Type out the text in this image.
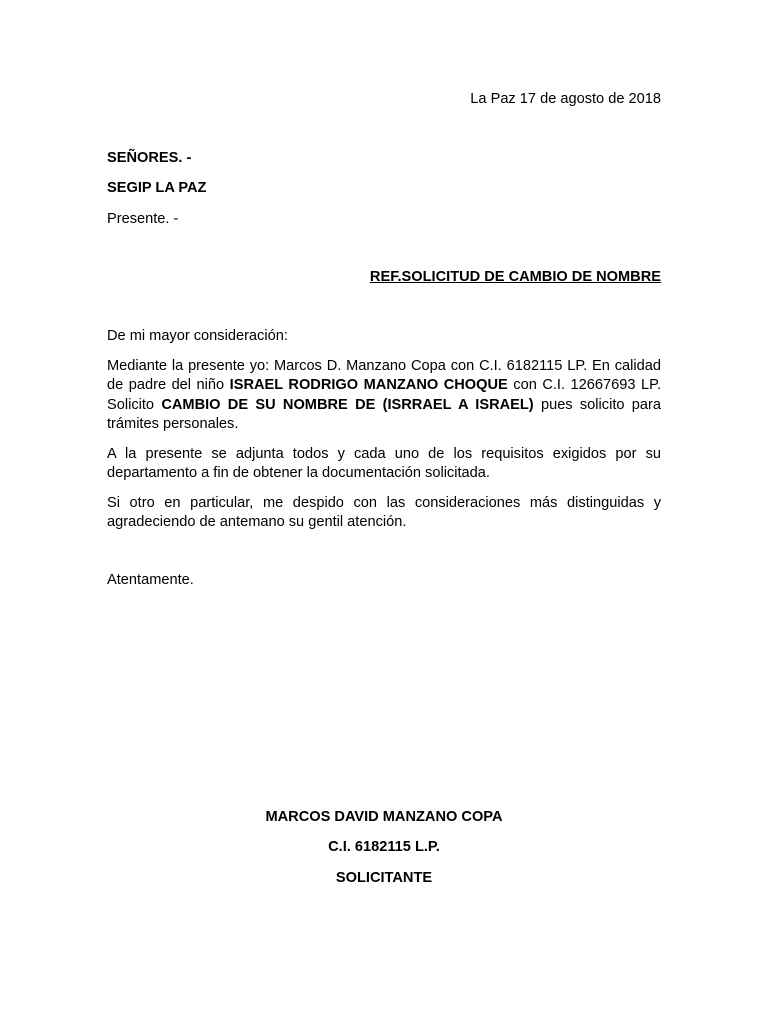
La Paz 17 de agosto de 2018

SEÑORES. -

SEGIP LA PAZ

Presente. -

REF.SOLICITUD DE CAMBIO DE NOMBRE

De mi mayor consideración:

Mediante la presente yo: Marcos D. Manzano Copa con C.I. 6182115 LP. En calidad de padre del niño ISRAEL RODRIGO MANZANO CHOQUE con C.I. 12667693 LP. Solicito CAMBIO DE SU NOMBRE DE (ISRRAEL A ISRAEL) pues solicito para trámites personales.

A la presente se adjunta todos y cada uno de los requisitos exigidos por su departamento a fin de obtener la documentación solicitada.

Si otro en particular, me despido con las consideraciones más distinguidas y agradeciendo de antemano su gentil atención.

Atentamente.

MARCOS DAVID MANZANO COPA

C.I. 6182115 L.P.

SOLICITANTE
